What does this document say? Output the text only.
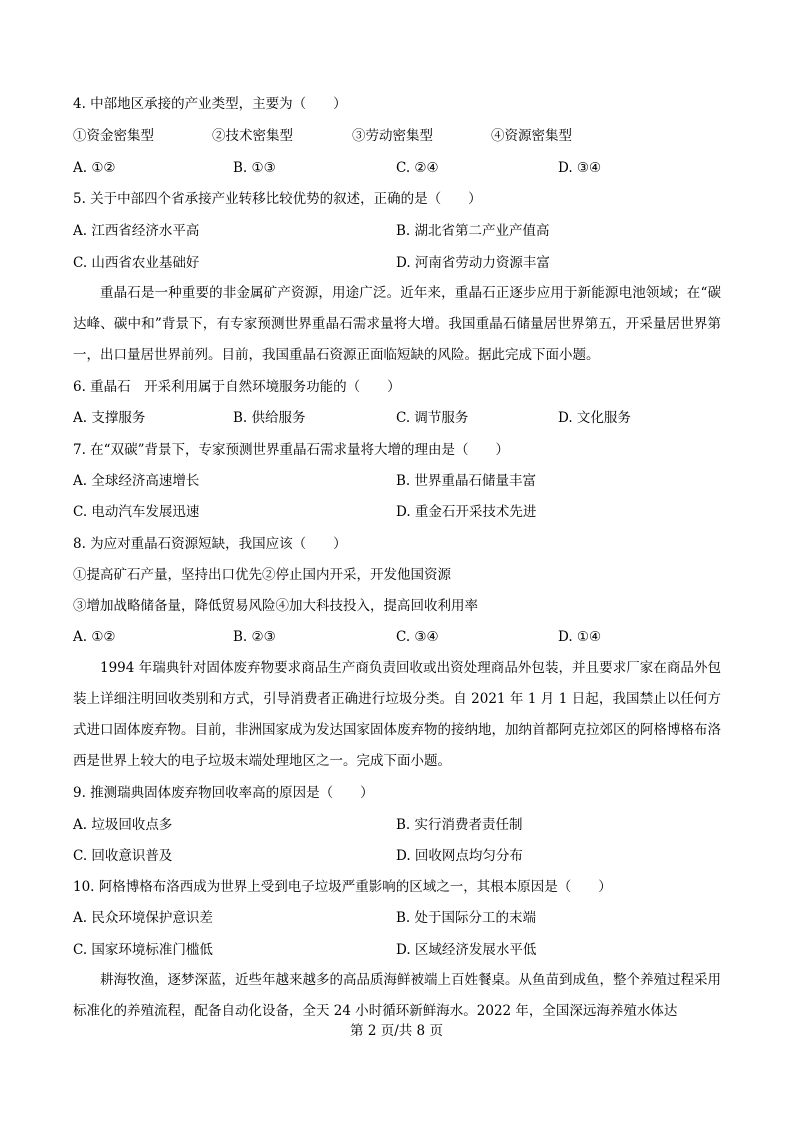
4. 中部地区承接的产业类型，主要为（　　）
①资金密集型	②技术密集型	③劳动密集型	④资源密集型
A. ①②	B. ①③	C. ②④	D. ③④
5. 关于中部四个省承接产业转移比较优势的叙述，正确的是（　　）
A. 江西省经济水平高	B. 湖北省第二产业产值高
C. 山西省农业基础好	D. 河南省劳动力资源丰富
重晶石是一种重要的非金属矿产资源，用途广泛。近年来，重晶石正逐步应用于新能源电池领域；在“碳达峰、碳中和”背景下，有专家预测世界重晶石需求量将大增。我国重晶石储量居世界第五，开采量居世界第一，出口量居世界前列。目前，我国重晶石资源正面临短缺的风险。据此完成下面小题。
6. 重晶石　开采利用属于自然环境服务功能的（　　）
A. 支撑服务	B. 供给服务	C. 调节服务	D. 文化服务
7. 在“双碳”背景下，专家预测世界重晶石需求量将大增的理由是（　　）
A. 全球经济高速增长	B. 世界重晶石储量丰富
C. 电动汽车发展迅速	D. 重金石开采技术先进
8. 为应对重晶石资源短缺，我国应该（　　）
①提高矿石产量，坚持出口优先②停止国内开采，开发他国资源
③增加战略储备量，降低贸易风险④加大科技投入，提高回收利用率
A. ①②	B. ②③	C. ③④	D. ①④
1994 年瑞典针对固体废弃物要求商品生产商负责回收或出资处理商品外包装，并且要求厂家在商品外包装上详细注明回收类别和方式，引导消费者正确进行垃圾分类。自 2021 年 1 月 1 日起，我国禁止以任何方式进口固体废弃物。目前，非洲国家成为发达国家固体废弃物的接纳地，加纳首都阿克拉郊区的阿格博格布洛西是世界上较大的电子垃圾末端处理地区之一。完成下面小题。
9. 推测瑞典固体废弃物回收率高的原因是（　　）
A. 垃圾回收点多	B. 实行消费者责任制
C. 回收意识普及	D. 回收网点均匀分布
10. 阿格博格布洛西成为世界上受到电子垃圾严重影响的区域之一，其根本原因是（　　）
A. 民众环境保护意识差	B. 处于国际分工的末端
C. 国家环境标准门槛低	D. 区域经济发展水平低
耕海牧渔，逐梦深蓝，近些年越来越多的高品质海鲜被端上百姓餐桌。从鱼苗到成鱼，整个养殖过程采用标准化的养殖流程，配备自动化设备，全天 24 小时循环新鲜海水。2022 年，全国深远海养殖水体达
第 2 页/共 8 页
